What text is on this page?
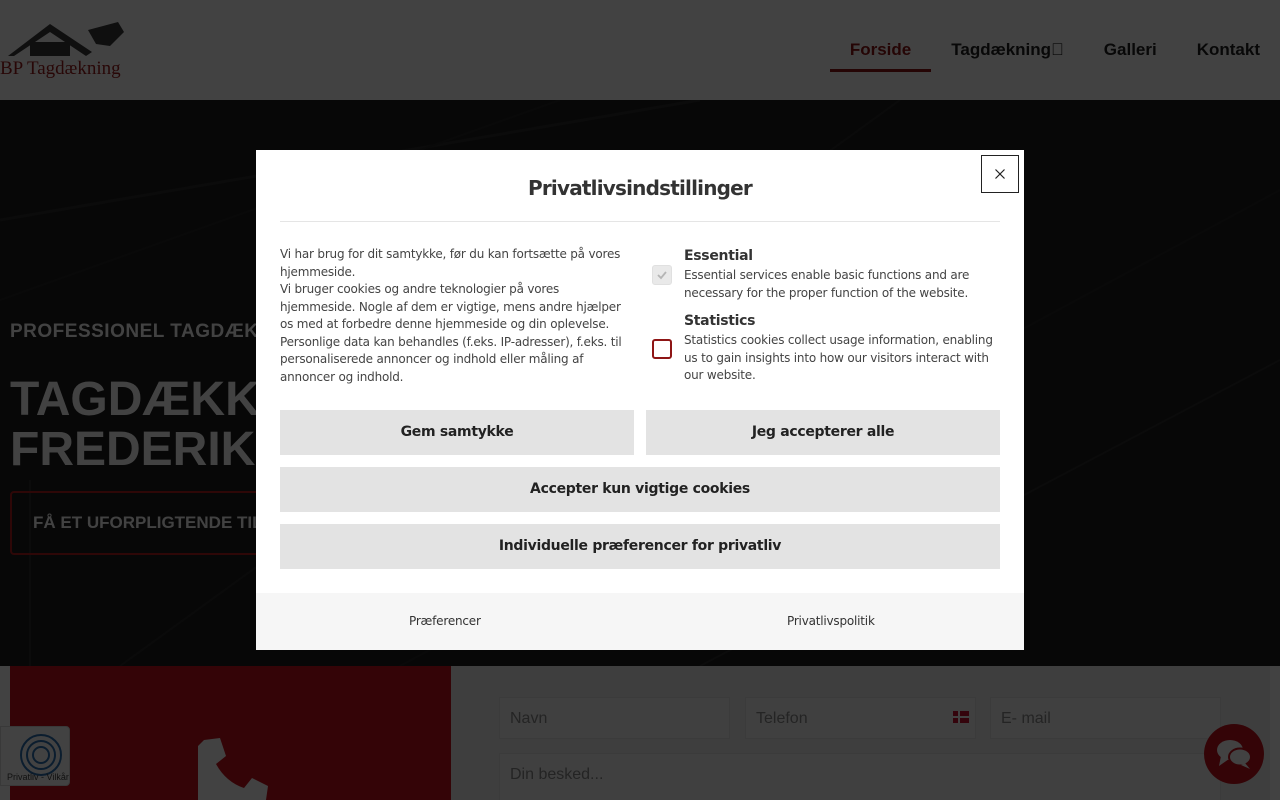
Privatlivsindstillinger

Vi har brug for dit samtykke, før du kan fortsætte på vores hjemmeside.

Vi bruger cookies og andre teknologier på vores hjemmeside. Nogle af dem er vigtige, mens andre hjælper os med at forbedre denne hjemmeside og din oplevelse. Personlige data kan behandles (f.eks. IP-adresser), f.eks. til personaliserede annoncer og indhold eller måling af annoncer og indhold.

Essential
Essential services enable basic functions and are necessary for the proper function of the website.
Statistics
Statistics cookies collect usage information, enabling us to gain insights into how our visitors interact with our website.
Gem samtykke	Jeg accepterer alle
Accepter kun vigtige cookies
Individuelle præferencer for privatliv
Præferencer	Privatlivspolitik
